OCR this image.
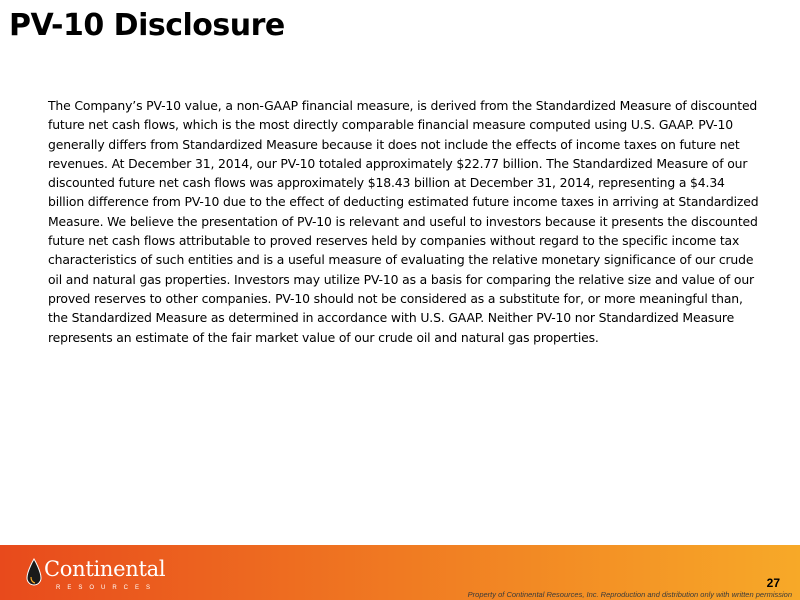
PV-10 Disclosure

The Company’s PV-10 value, a non-GAAP financial measure, is derived from the Standardized Measure of discounted future net cash flows, which is the most directly comparable financial measure computed using U.S. GAAP. PV-10 generally differs from Standardized Measure because it does not include the effects of income taxes on future net revenues. At December 31, 2014, our PV-10 totaled approximately $22.77 billion. The Standardized Measure of our discounted future net cash flows was approximately $18.43 billion at December 31, 2014, representing a $4.34 billion difference from PV-10 due to the effect of deducting estimated future income taxes in arriving at Standardized Measure. We believe the presentation of PV-10 is relevant and useful to investors because it presents the discounted future net cash flows attributable to proved reserves held by companies without regard to the specific income tax characteristics of such entities and is a useful measure of evaluating the relative monetary significance of our crude oil and natural gas properties. Investors may utilize PV-10 as a basis for comparing the relative size and value of our proved reserves to other companies. PV-10 should not be considered as a substitute for, or more meaningful than, the Standardized Measure as determined in accordance with U.S. GAAP. Neither PV-10 nor Standardized Measure represents an estimate of the fair market value of our crude oil and natural gas properties.

Continental
RESOURCES	27
Property of Continental Resources, Inc. Reproduction and distribution only with written permission
